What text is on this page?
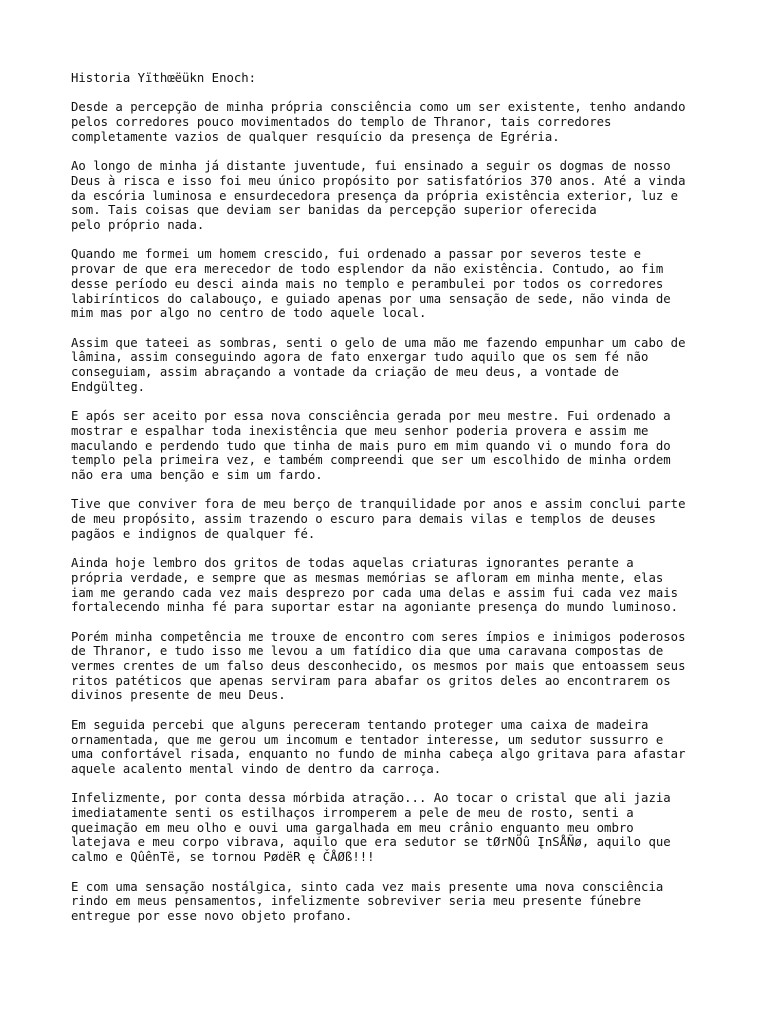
Historia Yïthœëükn Enoch:
Desde a percepção de minha própria consciência como um ser existente, tenho andando
pelos corredores pouco movimentados do templo de Thranor, tais corredores
completamente vazios de qualquer resquício da presença de Egréria.
Ao longo de minha já distante juventude, fui ensinado a seguir os dogmas de nosso
Deus à risca e isso foi meu único propósito por satisfatórios 370 anos. Até a vinda
da escória luminosa e ensurdecedora presença da própria existência exterior, luz e
som. Tais coisas que deviam ser banidas da percepção superior oferecida
pelo próprio nada.
Quando me formei um homem crescido, fui ordenado a passar por severos teste e
provar de que era merecedor de todo esplendor da não existência. Contudo, ao fim
desse período eu desci ainda mais no templo e perambulei por todos os corredores
labirínticos do calabouço, e guiado apenas por uma sensação de sede, não vinda de
mim mas por algo no centro de todo aquele local.
Assim que tateei as sombras, senti o gelo de uma mão me fazendo empunhar um cabo de
lâmina, assim conseguindo agora de fato enxergar tudo aquilo que os sem fé não
conseguiam, assim abraçando a vontade da criação de meu deus, a vontade de
Endgülteg.
E após ser aceito por essa nova consciência gerada por meu mestre. Fui ordenado a
mostrar e espalhar toda inexistência que meu senhor poderia provera e assim me
maculando e perdendo tudo que tinha de mais puro em mim quando vi o mundo fora do
templo pela primeira vez, e também compreendi que ser um escolhido de minha ordem
não era uma benção e sim um fardo.
Tive que conviver fora de meu berço de tranquilidade por anos e assim conclui parte
de meu propósito, assim trazendo o escuro para demais vilas e templos de deuses
pagãos e indignos de qualquer fé.
Ainda hoje lembro dos gritos de todas aquelas criaturas ignorantes perante a
própria verdade, e sempre que as mesmas memórias se afloram em minha mente, elas
iam me gerando cada vez mais desprezo por cada uma delas e assim fui cada vez mais
fortalecendo minha fé para suportar estar na agoniante presença do mundo luminoso.
Porém minha competência me trouxe de encontro com seres ímpios e inimigos poderosos
de Thranor, e tudo isso me levou a um fatídico dia que uma caravana compostas de
vermes crentes de um falso deus desconhecido, os mesmos por mais que entoassem seus
ritos patéticos que apenas serviram para abafar os gritos deles ao encontrarem os
divinos presente de meu Deus.
Em seguida percebi que alguns pereceram tentando proteger uma caixa de madeira
ornamentada, que me gerou um incomum e tentador interesse, um sedutor sussurro e
uma confortável risada, enquanto no fundo de minha cabeça algo gritava para afastar
aquele acalento mental vindo de dentro da carroça.
Infelizmente, por conta dessa mórbida atração... Ao tocar o cristal que ali jazia
imediatamente senti os estilhaços irromperem a pele de meu de rosto, senti a
queimação em meu olho e ouvi uma gargalhada em meu crânio enquanto meu ombro
latejava e meu corpo vibrava, aquilo que era sedutor se tØrNÖû ĮnSÅÑø, aquilo que
calmo e QûênTë, se tornou PødëR ę ČÅØß!!!
E com uma sensação nostálgica, sinto cada vez mais presente uma nova consciência
rindo em meus pensamentos, infelizmente sobreviver seria meu presente fúnebre
entregue por esse novo objeto profano.
